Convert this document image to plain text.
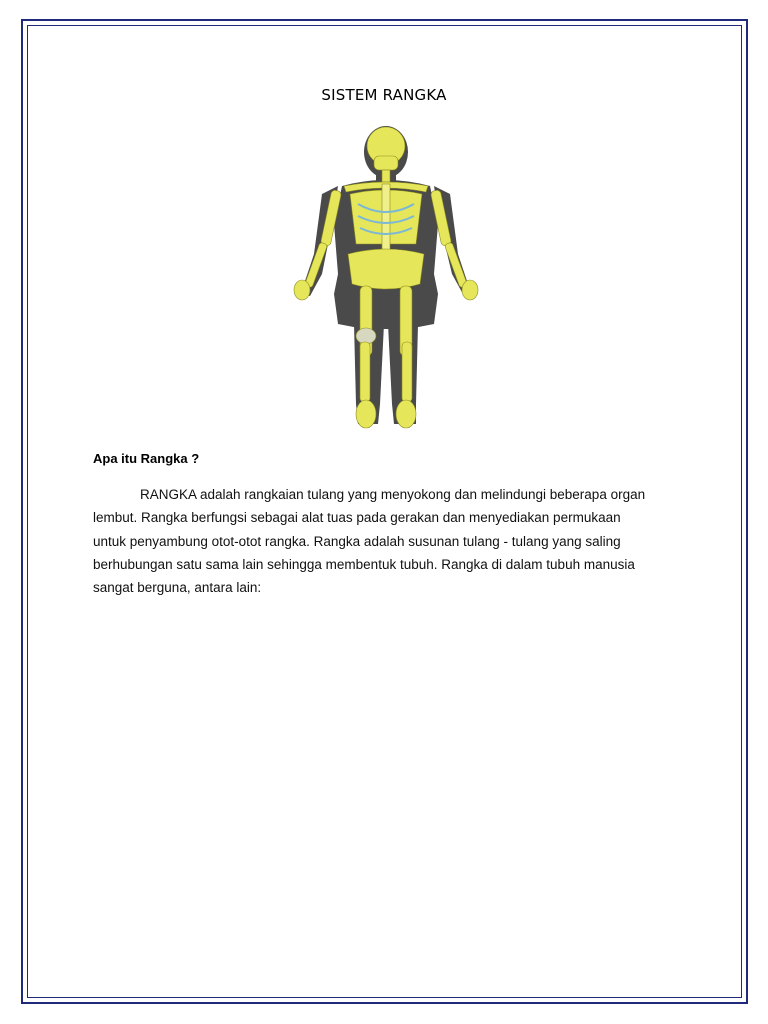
SISTEM RANGKA
Apa itu Rangka ?

RANGKA adalah rangkaian tulang yang menyokong dan melindungi beberapa organ
lembut. Rangka berfungsi sebagai alat tuas pada gerakan dan menyediakan permukaan
untuk penyambung otot-otot rangka. Rangka adalah susunan tulang - tulang yang saling
berhubungan satu sama lain sehingga membentuk tubuh. Rangka di dalam tubuh manusia
sangat berguna, antara lain:
